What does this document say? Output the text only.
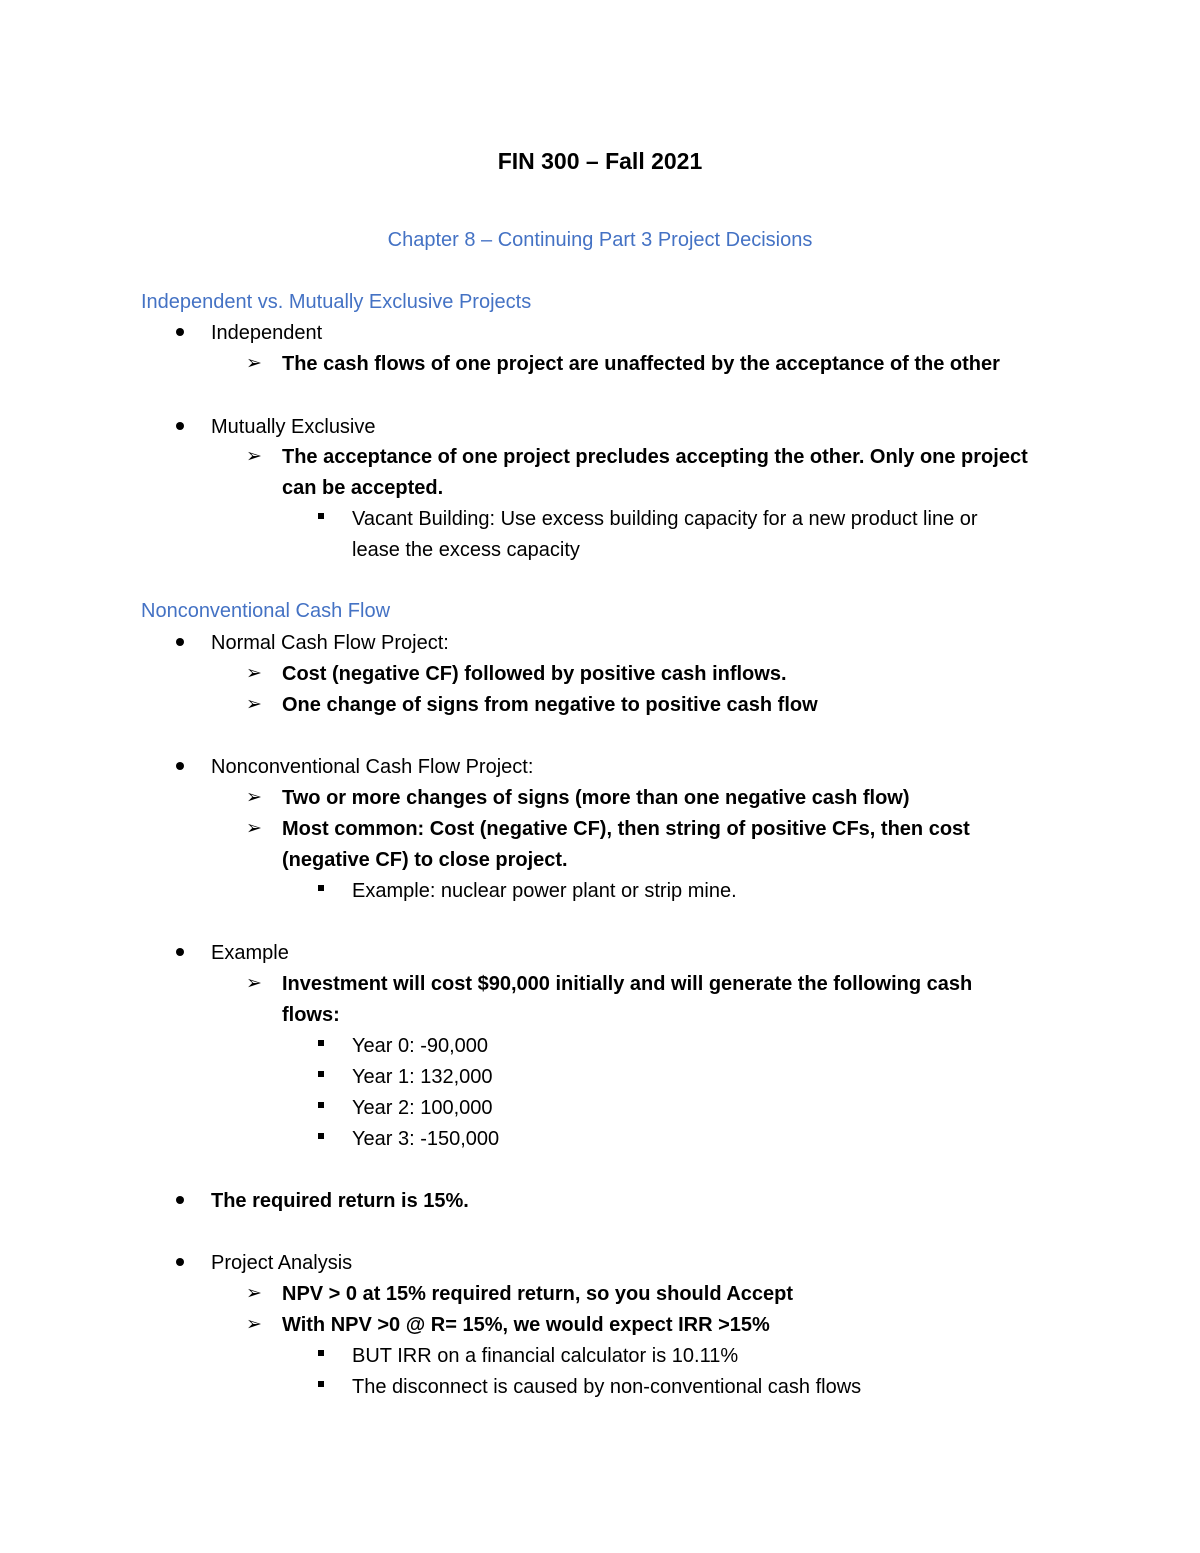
FIN 300 – Fall 2021
Chapter 8 – Continuing Part 3 Project Decisions
Independent vs. Mutually Exclusive Projects
Independent
➢ The cash flows of one project are unaffected by the acceptance of the other
Mutually Exclusive
➢ The acceptance of one project precludes accepting the other. Only one project
can be accepted.
Vacant Building: Use excess building capacity for a new product line or
lease the excess capacity
Nonconventional Cash Flow
Normal Cash Flow Project:
➢ Cost (negative CF) followed by positive cash inflows.
➢ One change of signs from negative to positive cash flow
Nonconventional Cash Flow Project:
➢ Two or more changes of signs (more than one negative cash flow)
➢ Most common: Cost (negative CF), then string of positive CFs, then cost
(negative CF) to close project.
Example: nuclear power plant or strip mine.
Example
➢ Investment will cost $90,000 initially and will generate the following cash
flows:
Year 0: -90,000
Year 1: 132,000
Year 2: 100,000
Year 3: -150,000
The required return is 15%.
Project Analysis
➢ NPV > 0 at 15% required return, so you should Accept
➢ With NPV >0 @ R= 15%, we would expect IRR >15%
BUT IRR on a financial calculator is 10.11%
The disconnect is caused by non-conventional cash flows
